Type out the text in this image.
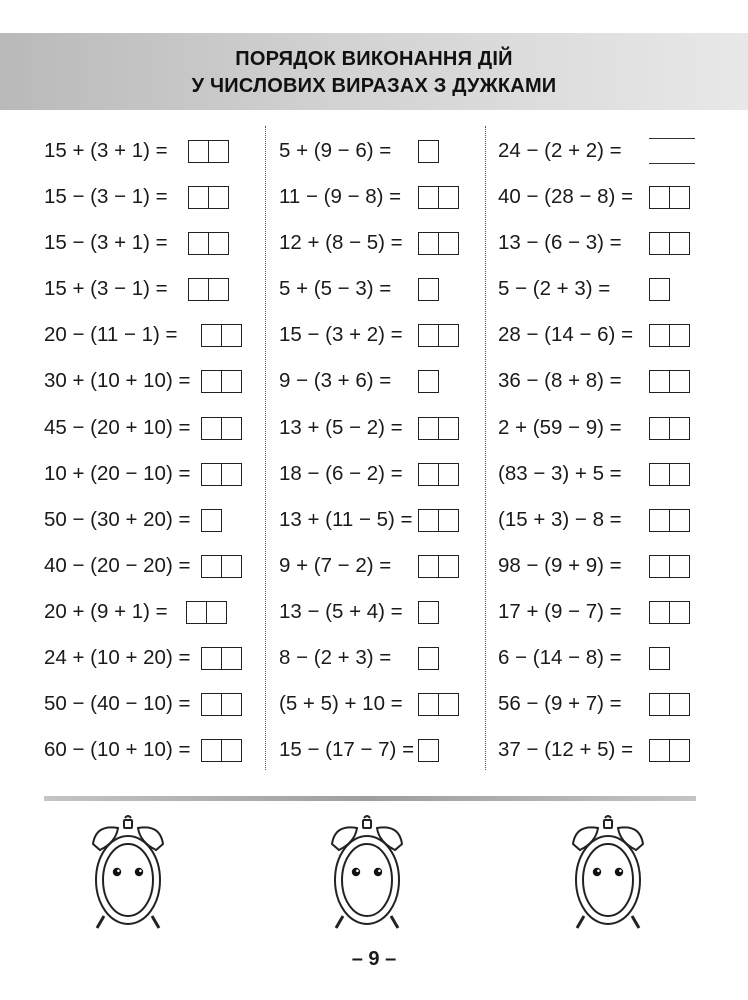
ПОРЯДОК ВИКОНАННЯ ДІЙ
У ЧИСЛОВИХ ВИРАЗАХ З ДУЖКАМИ
15 + (3 + 1) =
15 − (3 − 1) =
15 − (3 + 1) =
15 + (3 − 1) =
20 − (11 − 1) =
30 + (10 + 10) =
45 − (20 + 10) =
10 + (20 − 10) =
50 − (30 + 20) =
40 − (20 − 20) =
20 + (9 + 1) =
24 + (10 + 20) =
50 − (40 − 10) =
60 − (10 + 10) =
5 + (9 − 6) =
11 − (9 − 8) =
12 + (8 − 5) =
5 + (5 − 3) =
15 − (3 + 2) =
9 − (3 + 6) =
13 + (5 − 2) =
18 − (6 − 2) =
13 + (11 − 5) =
9 + (7 − 2) =
13 − (5 + 4) =
8 − (2 + 3) =
(5 + 5) + 10 =
15 − (17 − 7) =
24 − (2 + 2) =
40 − (28 − 8) =
13 − (6 − 3) =
5 − (2 + 3) =
28 − (14 − 6) =
36 − (8 + 8) =
2 + (59 − 9) =
(83 − 3) + 5 =
(15 + 3) − 8 =
98 − (9 + 9) =
17 + (9 − 7) =
6 − (14 − 8) =
56 − (9 + 7) =
37 − (12 + 5) =
– 9 –
